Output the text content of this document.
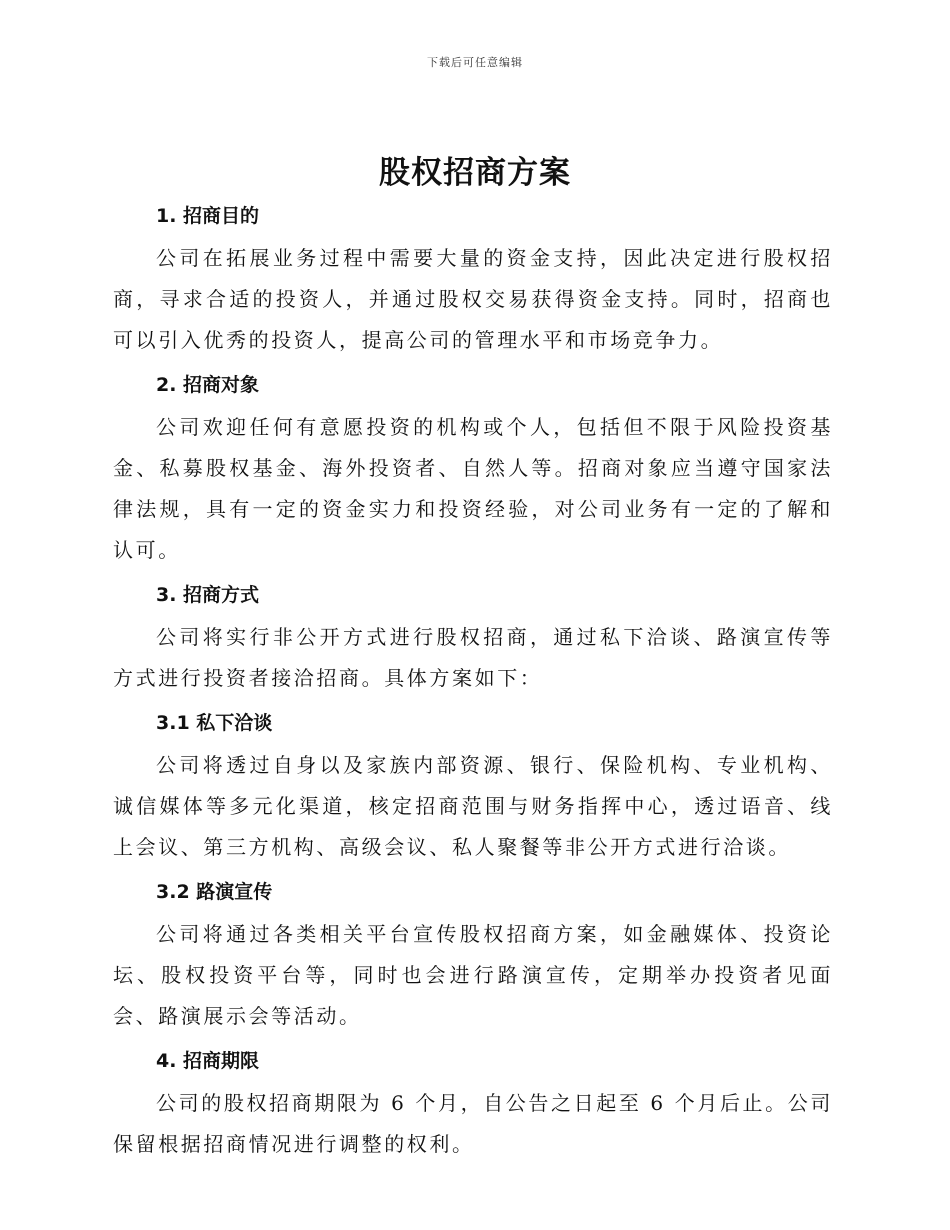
下载后可任意编辑
股权招商方案
1. 招商目的

公司在拓展业务过程中需要大量的资金支持，因此决定进行股权招商，寻求合适的投资人，并通过股权交易获得资金支持。同时，招商也可以引入优秀的投资人，提高公司的管理水平和市场竞争力。

2. 招商对象

公司欢迎任何有意愿投资的机构或个人，包括但不限于风险投资基金、私募股权基金、海外投资者、自然人等。招商对象应当遵守国家法律法规，具有一定的资金实力和投资经验，对公司业务有一定的了解和认可。

3. 招商方式

公司将实行非公开方式进行股权招商，通过私下洽谈、路演宣传等方式进行投资者接洽招商。具体方案如下：

3.1 私下洽谈

公司将透过自身以及家族内部资源、银行、保险机构、专业机构、诚信媒体等多元化渠道，核定招商范围与财务指挥中心，透过语音、线上会议、第三方机构、高级会议、私人聚餐等非公开方式进行洽谈。

3.2 路演宣传

公司将通过各类相关平台宣传股权招商方案，如金融媒体、投资论坛、股权投资平台等，同时也会进行路演宣传，定期举办投资者见面会、路演展示会等活动。

4. 招商期限

公司的股权招商期限为 6 个月，自公告之日起至 6 个月后止。公司保留根据招商情况进行调整的权利。
